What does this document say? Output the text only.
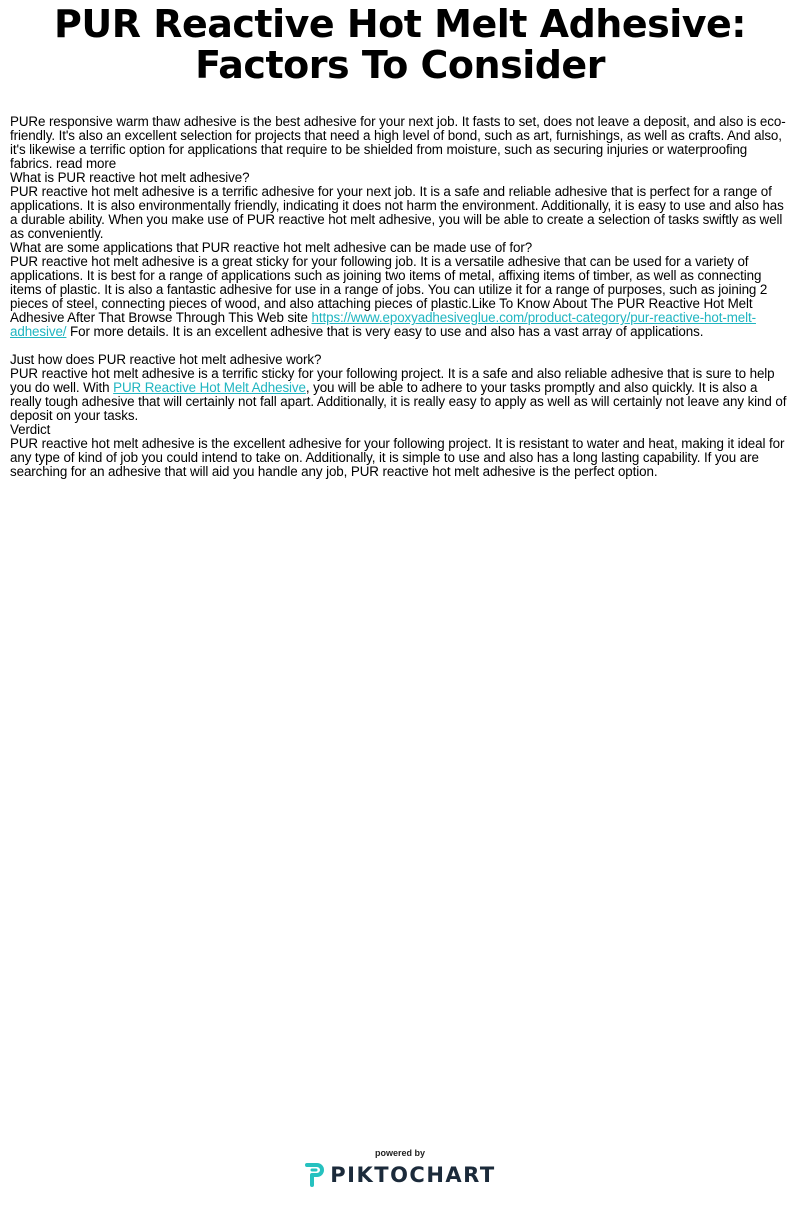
PUR Reactive Hot Melt Adhesive:
Factors To Consider

PURe responsive warm thaw adhesive is the best adhesive for your next job. It fasts to set, does not leave a deposit, and also is eco-friendly. It's also an excellent selection for projects that need a high level of bond, such as art, furnishings, as well as crafts. And also, it's likewise a terrific option for applications that require to be shielded from moisture, such as securing injuries or waterproofing fabrics. read more

What is PUR reactive hot melt adhesive?

PUR reactive hot melt adhesive is a terrific adhesive for your next job. It is a safe and reliable adhesive that is perfect for a range of applications. It is also environmentally friendly, indicating it does not harm the environment. Additionally, it is easy to use and also has a durable ability. When you make use of PUR reactive hot melt adhesive, you will be able to create a selection of tasks swiftly as well as conveniently.

What are some applications that PUR reactive hot melt adhesive can be made use of for?

PUR reactive hot melt adhesive is a great sticky for your following job. It is a versatile adhesive that can be used for a variety of applications. It is best for a range of applications such as joining two items of metal, affixing items of timber, as well as connecting items of plastic. It is also a fantastic adhesive for use in a range of jobs. You can utilize it for a range of purposes, such as joining 2 pieces of steel, connecting pieces of wood, and also attaching pieces of plastic.Like To Know About The PUR Reactive Hot Melt Adhesive After That Browse Through This Web site https://www.epoxyadhesiveglue.com/product-category/pur-reactive-hot-melt-adhesive/ For more details. It is an excellent adhesive that is very easy to use and also has a vast array of applications.

Just how does PUR reactive hot melt adhesive work?

PUR reactive hot melt adhesive is a terrific sticky for your following project. It is a safe and also reliable adhesive that is sure to help you do well. With PUR Reactive Hot Melt Adhesive, you will be able to adhere to your tasks promptly and also quickly. It is also a really tough adhesive that will certainly not fall apart. Additionally, it is really easy to apply as well as will certainly not leave any kind of deposit on your tasks.

Verdict

PUR reactive hot melt adhesive is the excellent adhesive for your following project. It is resistant to water and heat, making it ideal for any type of kind of job you could intend to take on. Additionally, it is simple to use and also has a long lasting capability. If you are searching for an adhesive that will aid you handle any job, PUR reactive hot melt adhesive is the perfect option.

powered by
PIKTOCHART
